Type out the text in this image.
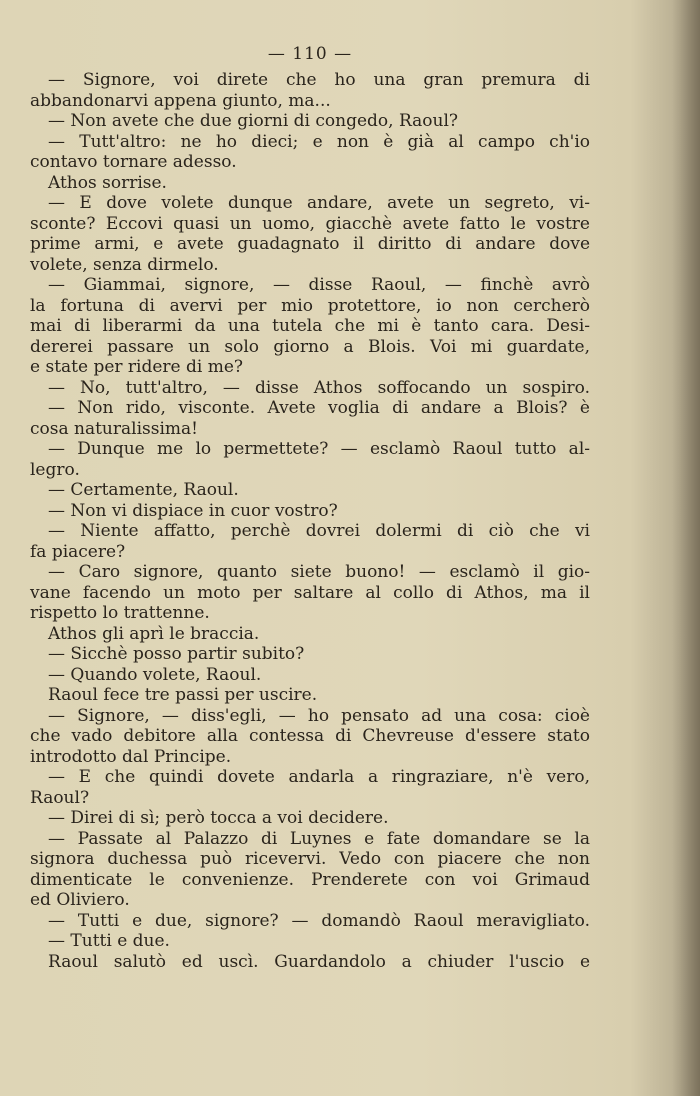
— 110 —
— Signore, voi direte che ho una gran premura di
abbandonarvi appena giunto, ma...
— Non avete che due giorni di congedo, Raoul?
— Tutt'altro: ne ho dieci; e non è già al campo ch'io
contavo tornare adesso.
Athos sorrise.
— E dove volete dunque andare, avete un segreto, vi-
sconte? Eccovi quasi un uomo, giacchè avete fatto le vostre
prime armi, e avete guadagnato il diritto di andare dove
volete, senza dirmelo.
— Giammai, signore, — disse Raoul, — finchè avrò
la fortuna di avervi per mio protettore, io non cercherò
mai di liberarmi da una tutela che mi è tanto cara. Desi-
dererei passare un solo giorno a Blois. Voi mi guardate,
e state per ridere di me?
— No, tutt'altro, — disse Athos soffocando un sospiro.
— Non rido, visconte. Avete voglia di andare a Blois? è
cosa naturalissima!
— Dunque me lo permettete? — esclamò Raoul tutto al-
legro.
— Certamente, Raoul.
— Non vi dispiace in cuor vostro?
— Niente affatto, perchè dovrei dolermi di ciò che vi
fa piacere?
— Caro signore, quanto siete buono! — esclamò il gio-
vane facendo un moto per saltare al collo di Athos, ma il
rispetto lo trattenne.
Athos gli aprì le braccia.
— Sicchè posso partir subito?
— Quando volete, Raoul.
Raoul fece tre passi per uscire.
— Signore, — diss'egli, — ho pensato ad una cosa: cioè
che vado debitore alla contessa di Chevreuse d'essere stato
introdotto dal Principe.
— E che quindi dovete andarla a ringraziare, n'è vero,
Raoul?
— Direi di sì; però tocca a voi decidere.
— Passate al Palazzo di Luynes e fate domandare se la
signora duchessa può ricevervi. Vedo con piacere che non
dimenticate le convenienze. Prenderete con voi Grimaud
ed Oliviero.
— Tutti e due, signore? — domandò Raoul meravigliato.
— Tutti e due.
Raoul salutò ed uscì. Guardandolo a chiuder l'uscio e
